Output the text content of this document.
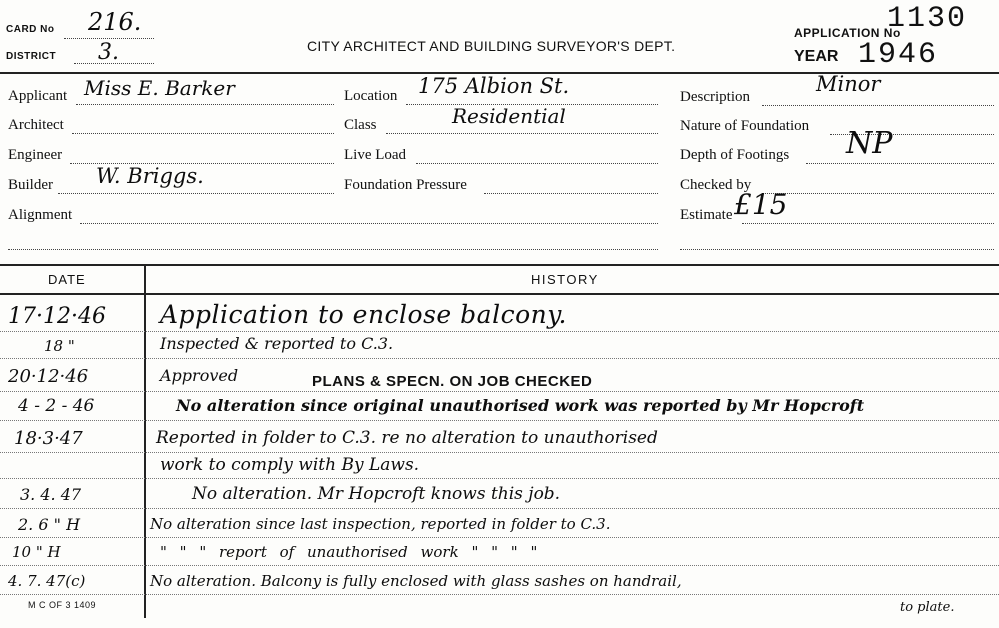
CARD No 216.
DISTRICT 3.	CITY ARCHITECT AND BUILDING SURVEYOR'S DEPT.
APPLICATION No
1130
YEAR 1946
Applicant Miss E. Barker
Architect
Engineer
Builder W. Briggs.
Alignment
Location 175 Albion St.
Class	Residential
Live Load
Foundation Pressure
Description
Minor
Nature of Foundation
Depth of Footings NP
Checked by
Estimate £15
DATE	HISTORY
17·12·46 Application to enclose balcony.
18 "	Inspected & reported to C.3.
20·12·46	Approved	PLANS & SPECN. ON JOB CHECKED
4 - 2 - 46	No alteration since original unauthorised work was reported by Mr Hopcroft
18·3·47	Reported in folder to C.3. re no alteration to unauthorised
work to comply with By Laws.
3. 4. 47	No alteration. Mr Hopcroft knows this job.
2. 6 " H	No alteration since last inspection, reported in folder to C.3.
10 " H	" " " report of unauthorised work " " " "
4. 7. 47(c)	No alteration. Balcony is fully enclosed with glass sashes on handrail,
to plate.
M C OF 3 1409
